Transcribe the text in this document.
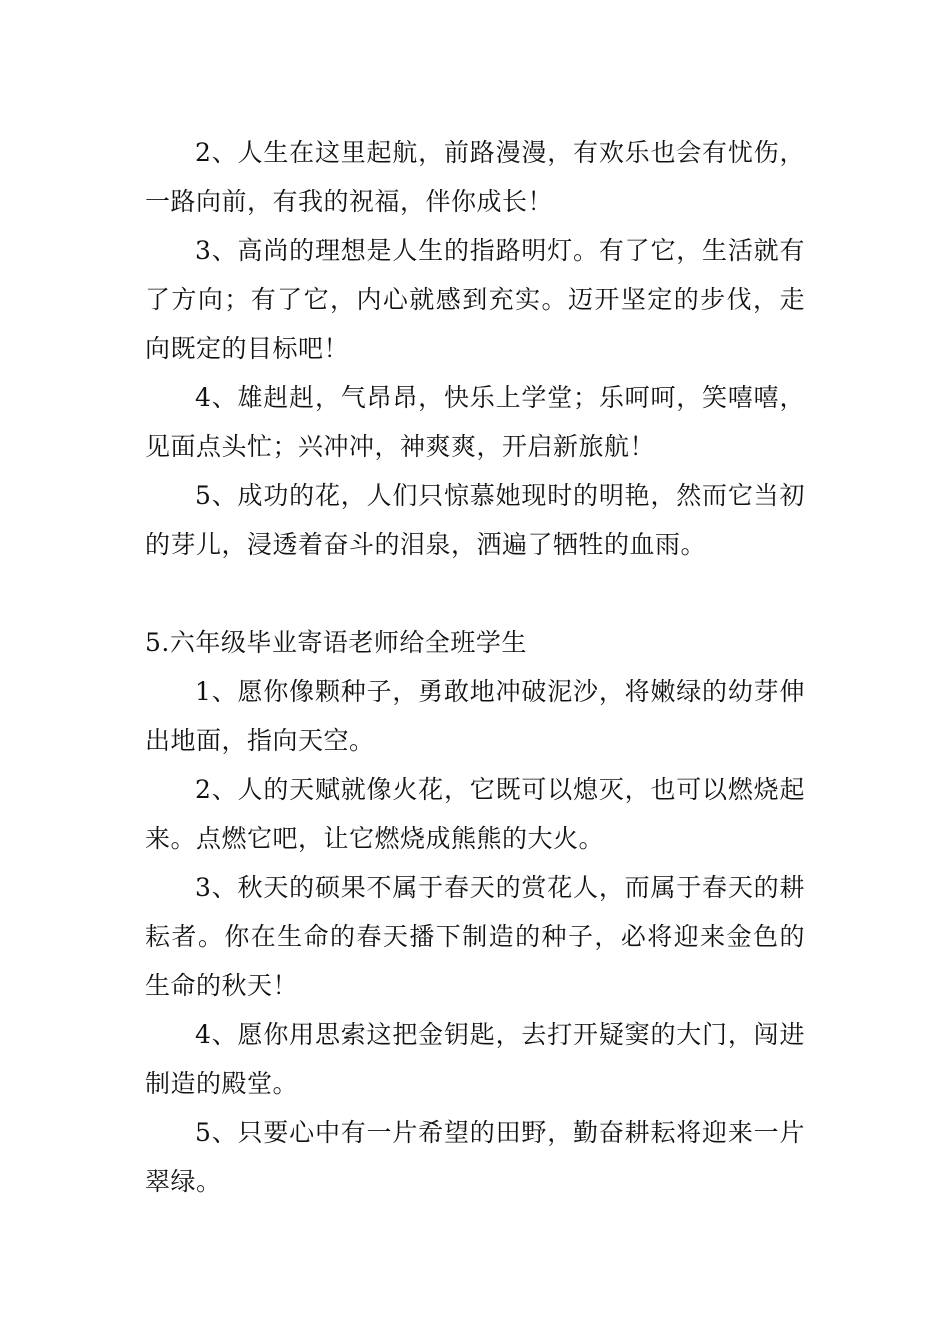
2、人生在这里起航，前路漫漫，有欢乐也会有忧伤，一路向前，有我的祝福，伴你成长！

3、高尚的理想是人生的指路明灯。有了它，生活就有了方向；有了它，内心就感到充实。迈开坚定的步伐，走向既定的目标吧！

4、雄赳赳，气昂昂，快乐上学堂；乐呵呵，笑嘻嘻，见面点头忙；兴冲冲，神爽爽，开启新旅航！

5、成功的花，人们只惊慕她现时的明艳，然而它当初的芽儿，浸透着奋斗的泪泉，洒遍了牺牲的血雨。

5.六年级毕业寄语老师给全班学生

1、愿你像颗种子，勇敢地冲破泥沙，将嫩绿的幼芽伸出地面，指向天空。

2、人的天赋就像火花，它既可以熄灭，也可以燃烧起来。点燃它吧，让它燃烧成熊熊的大火。

3、秋天的硕果不属于春天的赏花人，而属于春天的耕耘者。你在生命的春天播下制造的种子，必将迎来金色的生命的秋天！

4、愿你用思索这把金钥匙，去打开疑窦的大门，闯进制造的殿堂。

5、只要心中有一片希望的田野，勤奋耕耘将迎来一片翠绿。
